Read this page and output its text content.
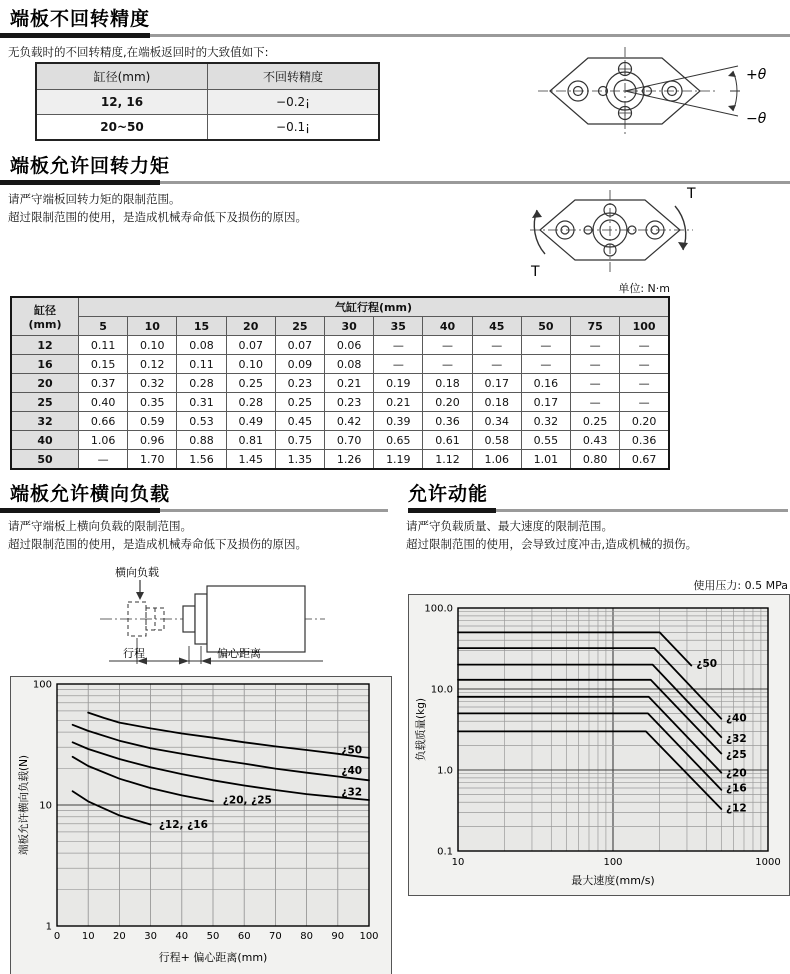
端板不回转精度
无负载时的不回转精度,在端板返回时的大致值如下:
缸径(mm)	不回转精度
12, 16	−0.2¡
20~50	−0.1¡
+θ
−θ
端板允许回转力矩
请严守端板回转力矩的限制范围。
超过限制范围的使用，是造成机械寿命低下及损伤的原因。
T
T
单位: N·m
缸径
(mm)	气缸行程(mm)											
	5	10	15	20	25	30	35	40	45	50	75	100
12	0.11	0.10	0.08	0.07	0.07	0.06	—	—	—	—	—	—
16	0.15	0.12	0.11	0.10	0.09	0.08	—	—	—	—	—	—
20	0.37	0.32	0.28	0.25	0.23	0.21	0.19	0.18	0.17	0.16	—	—
25	0.40	0.35	0.31	0.28	0.25	0.23	0.21	0.20	0.18	0.17	—	—
32	0.66	0.59	0.53	0.49	0.45	0.42	0.39	0.36	0.34	0.32	0.25	0.20
40	1.06	0.96	0.88	0.81	0.75	0.70	0.65	0.61	0.58	0.55	0.43	0.36
50	—	1.70	1.56	1.45	1.35	1.26	1.19	1.12	1.06	1.01	0.80	0.67
端板允许横向负载
请严守端板上横向负载的限制范围。
超过限制范围的使用，是造成机械寿命低下及损伤的原因。
横向负载
行程	偏心距离
¿50
¿40
¿32
¿20, ¿25
¿12, ¿16
0 10 20 30 40 50 60 70 80 90 100
100
10
1
行程+ 偏心距离(mm)
端板允许横向负载(N)
允许动能
请严守负载质量、最大速度的限制范围。
超过限制范围的使用，会导致过度冲击,造成机械的损伤。
使用压力: 0.5 MPa
¿50
¿40
¿32
¿25
¿20
¿16
¿12
10	100	1000
100.0
10.0
1.0
0.1
最大速度(mm/s)
负载质量(kg)
